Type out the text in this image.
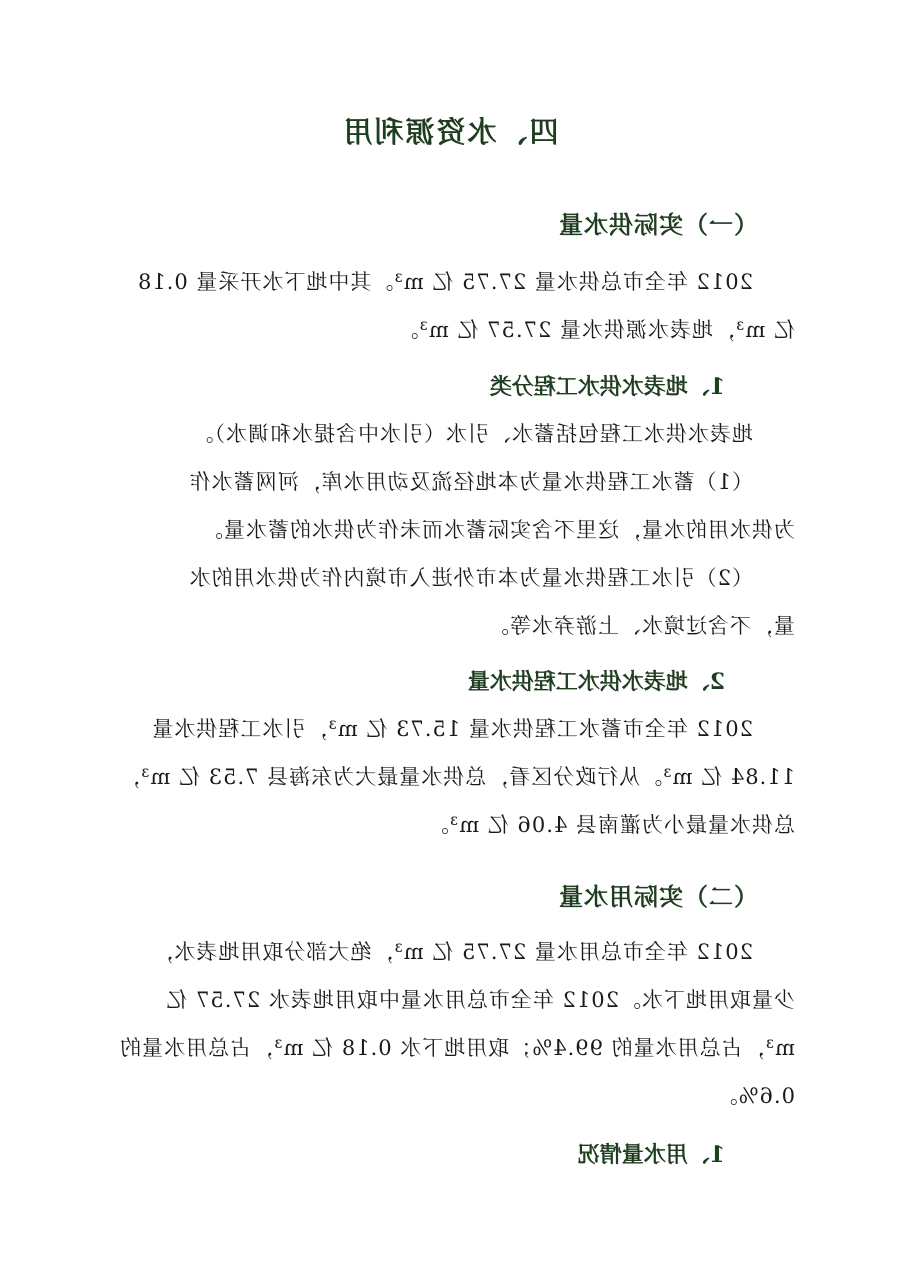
四、水资源利用
（一）实际供水量
2012 年全市总供水量 27.75 亿 m³。其中地下水开采量 0.18
亿 m³，地表水源供水量 27.57 亿 m³。
1、地表水供水工程分类
地表水供水工程包括蓄水、引水（引水中含提水和调水）。
（1）蓄水工程供水量为本地径流及动用水库，河网蓄水作
为供水用的水量，这里不含实际蓄水而未作为供水的蓄水量。
（2）引水工程供水量为本市外进入市境内作为供水用的水
量，不含过境水、上游弃水等。
2、地表水供水工程供水量
2012 年全市蓄水工程供水量 15.73 亿 m³，引水工程供水量
11.84 亿 m³。从行政分区看，总供水量最大为东海县 7.53 亿 m³，
总供水量最小为灌南县 4.06 亿 m³。
（二）实际用水量
2012 年全市总用水量 27.75 亿 m³，绝大部分取用地表水，
少量取用地下水。2012 年全市总用水量中取用地表水 27.57 亿
m³，占总用水量的 99.4%；取用地下水 0.18 亿 m³，占总用水量的
0.6%。
1、用水量情况
